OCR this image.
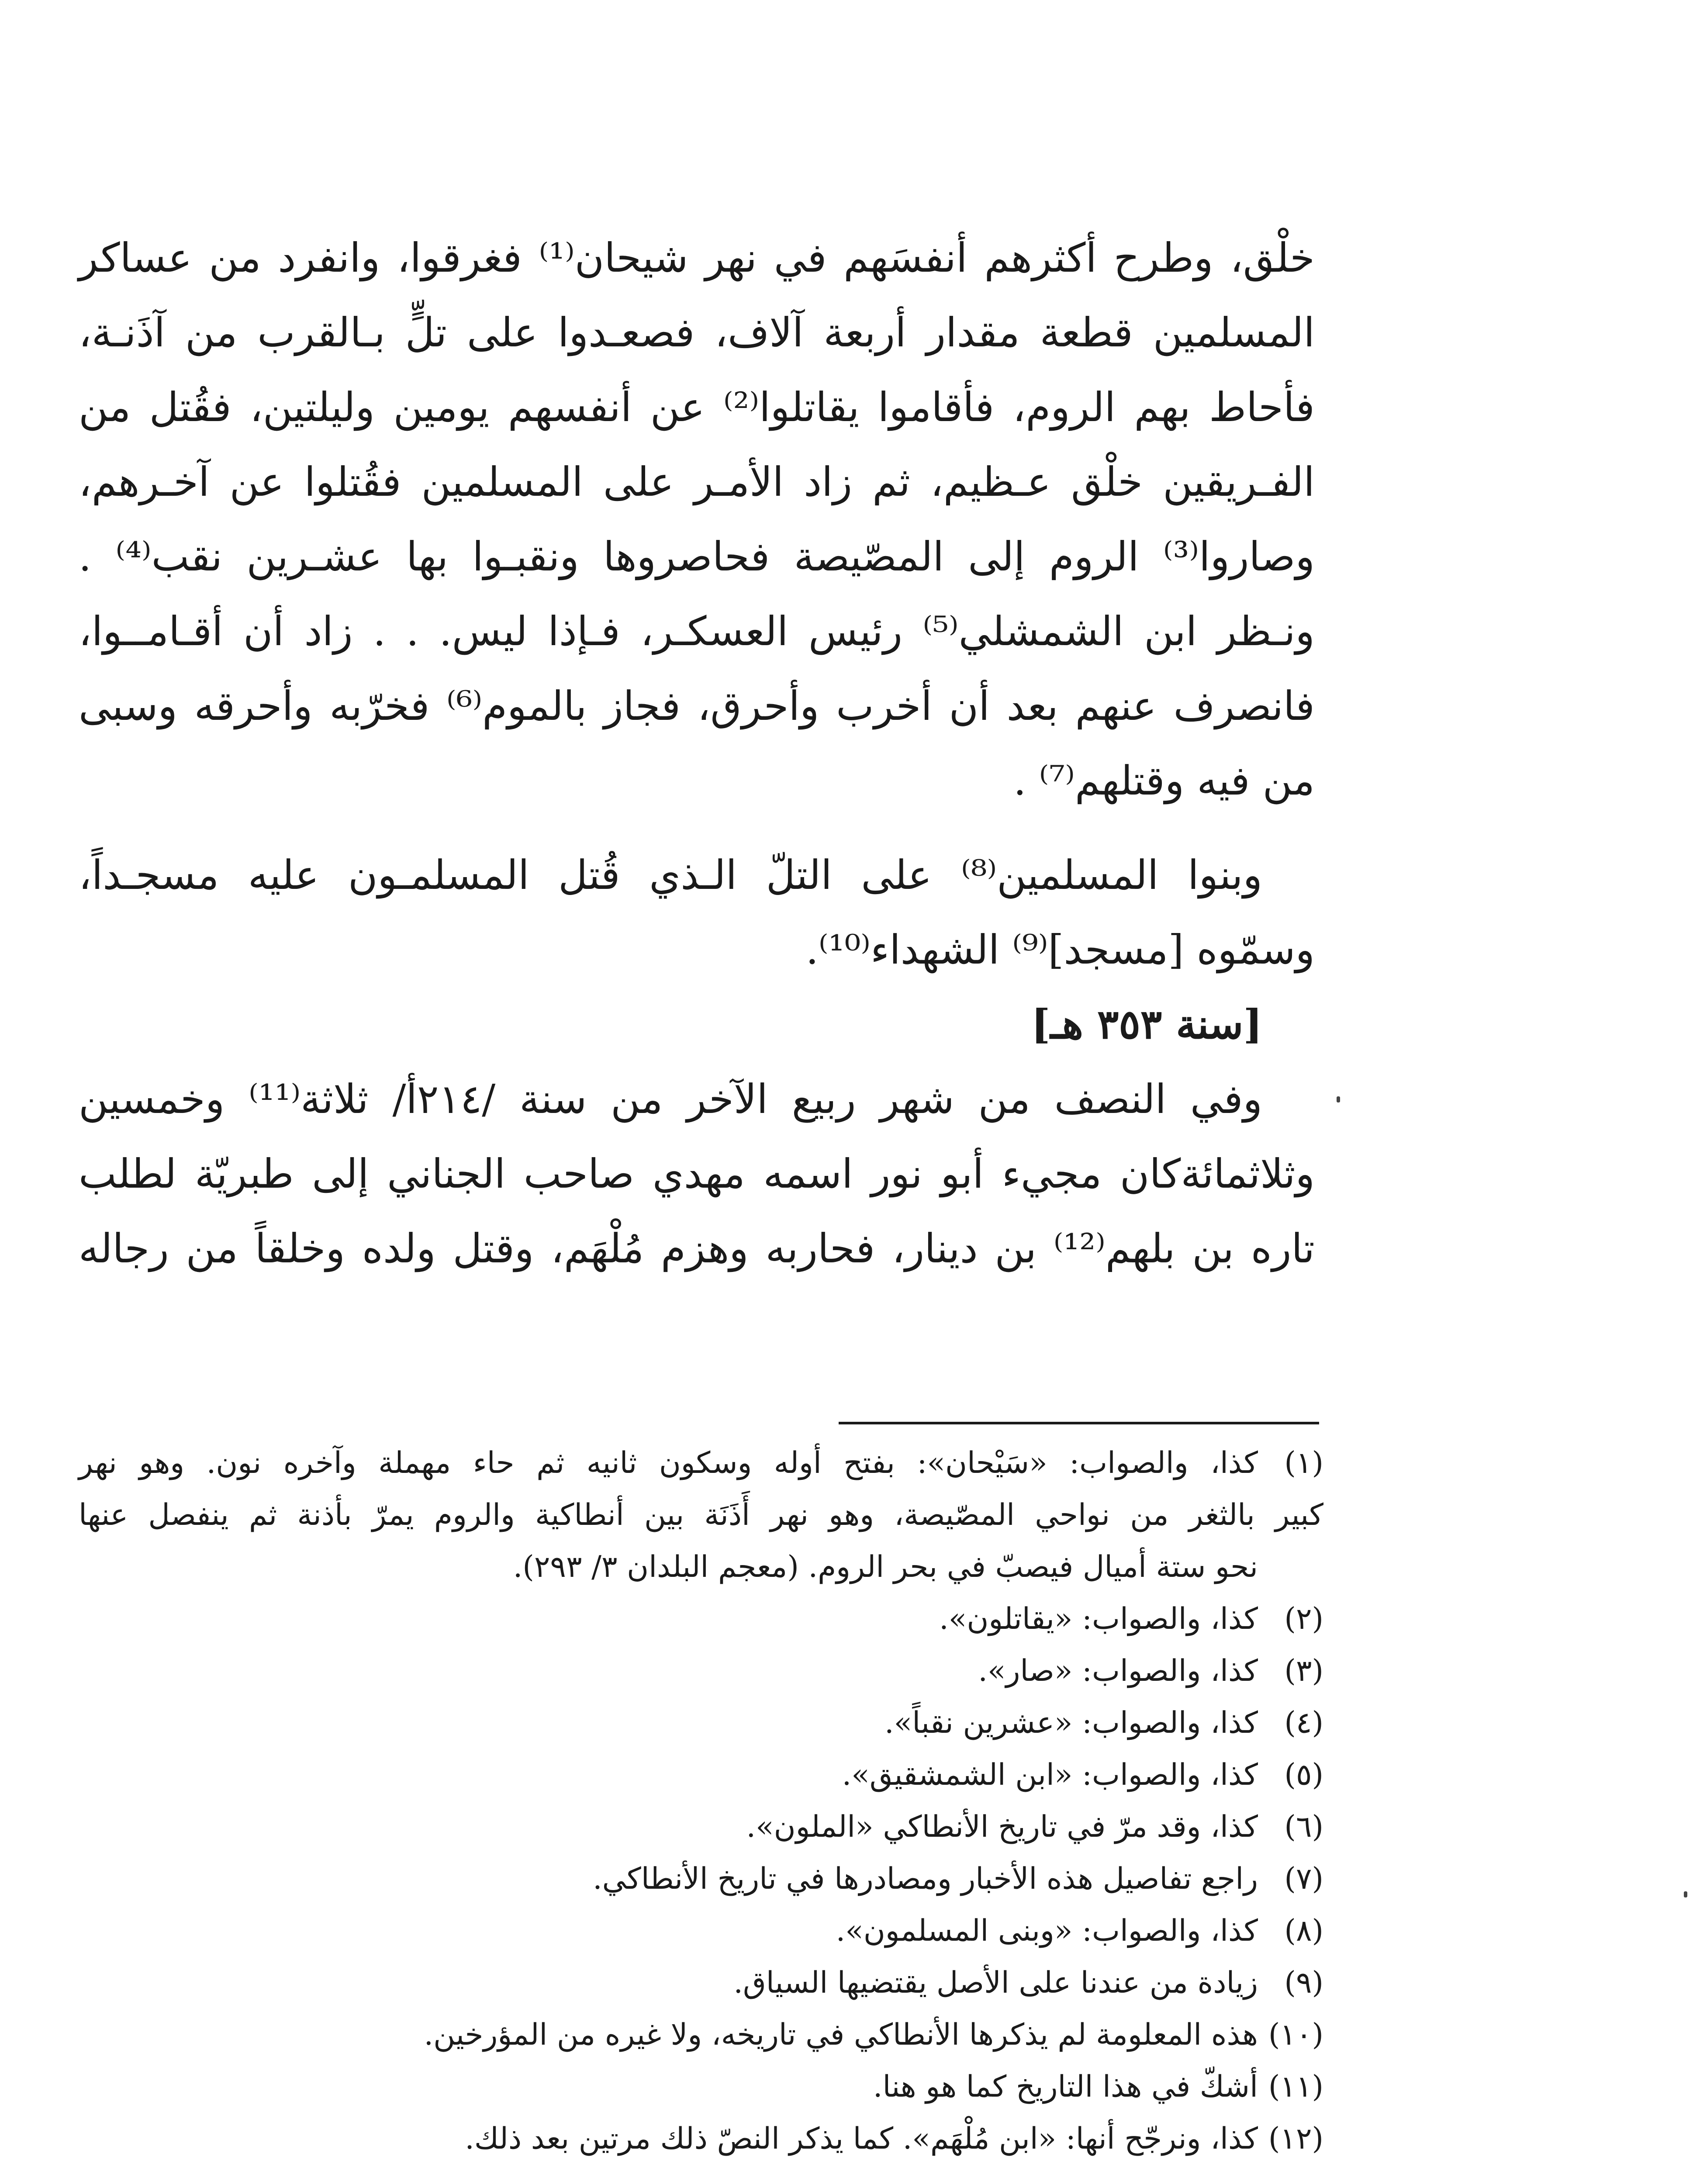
خلْق، وطرح أكثرهم أنفسَهم في نهر شيحان⁽¹⁾ فغرقوا، وانفرد من عساكر
المسلمين قطعة مقدار أربعة آلاف، فصعـدوا على تلٍّ بـالقرب من آذَنـة،
فأحاط بهم الروم، فأقاموا يقاتلوا⁽²⁾ عن أنفسهم يومين وليلتين، فقُتل من
الفـريقين خلْق عـظيم، ثم زاد الأمـر على المسلمين فقُتلوا عن آخـرهم،
وصاروا⁽³⁾ الروم إلى المصّيصة فحاصروها ونقبـوا بها عشـرين نقب⁽⁴⁾ .
ونـظر ابن الشمشلي⁽⁵⁾ رئيس العسكـر، فـإذا ليس. . . زاد أن أقـامــوا،
فانصرف عنهم بعد أن أخرب وأحرق، فجاز بالموم⁽⁶⁾ فخرّبه وأحرقه وسبى
من فيه وقتلهم⁽⁷⁾ .

وبنوا المسلمين⁽⁸⁾ على التلّ الـذي قُتل المسلمـون عليه مسجـداً،
وسمّوه [مسجد]⁽⁹⁾ الشهداء⁽¹⁰⁾.

[سنة ٣٥٣ هـ]

وفي النصف من شهر ربيع الآخر من سنة /٢١٤أ/ ثلاثة⁽¹¹⁾ وخمسين
وثلاثمائةكان مجيء أبو نور اسمه مهدي صاحب الجناني إلى طبريّة لطلب
تاره بن بلهم⁽¹²⁾ بن دينار، فحاربه وهزم مُلْهَم، وقتل ولده وخلقاً من رجاله

(١)
كذا، والصواب: «سَيْحان»: بفتح أوله وسكون ثانيه ثم حاء مهملة وآخره نون. وهو نهر
كبير بالثغر من نواحي المصّيصة، وهو نهر أَذَنَة بين أنطاكية والروم يمرّ بأذنة ثم ينفصل عنها
نحو ستة أميال فيصبّ في بحر الروم. (معجم البلدان ٣/ ٢٩٣).
(٢)
كذا، والصواب: «يقاتلون».
(٣)
كذا، والصواب: «صار».
(٤)
كذا، والصواب: «عشرين نقباً».
(٥)
كذا، والصواب: «ابن الشمشقيق».
(٦)
كذا، وقد مرّ في تاريخ الأنطاكي «الملون».
(٧)
راجع تفاصيل هذه الأخبار ومصادرها في تاريخ الأنطاكي.
(٨)
كذا، والصواب: «وبنى المسلمون».
(٩)
زيادة من عندنا على الأصل يقتضيها السياق.
(١٠)
هذه المعلومة لم يذكرها الأنطاكي في تاريخه، ولا غيره من المؤرخين.
(١١)
أشكّ في هذا التاريخ كما هو هنا.
(١٢)
كذا، ونرجّح أنها: «ابن مُلْهَم». كما يذكر النصّ ذلك مرتين بعد ذلك.
